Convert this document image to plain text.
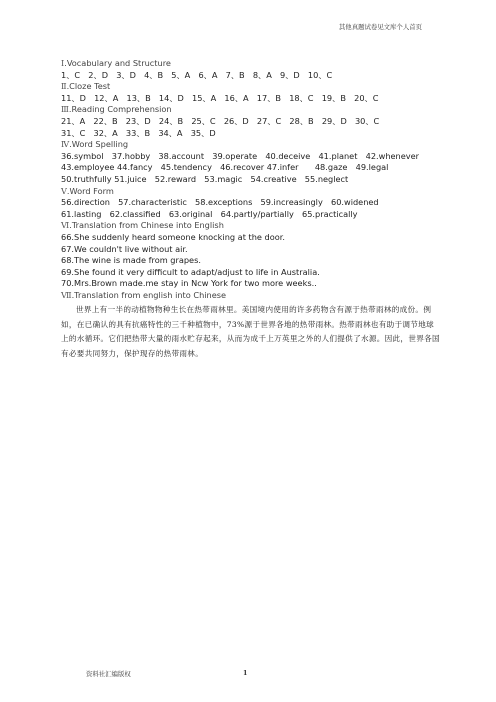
其他真题试卷见文库个人首页
Ⅰ.Vocabulary and Structure
1、C　2、D　3、D　4、B　5、A　6、A　7、B　8、A　9、D　10、C
Ⅱ.Cloze Test
11、D　12、A　13、B　14、D　15、A　16、A　17、B　18、C　19、B　20、C
Ⅲ.Reading Comprehension
21、A　22、B　23、D　24、B　25、C　26、D　27、C　28、B　29、D　30、C
31、C　32、A　33、B　34、A　35、D
Ⅳ.Word Spelling
36.symbol　37.hobby　38.account　39.operate　40.deceive　41.planet　42.whenever
43.employee 44.fancy　45.tendency　46.recover 47.infer　　48.gaze　49.legal
50.truthfully 51.juice　52.reward　53.magic　54.creative　55.neglect
Ⅴ.Word Form
56.direction　57.characteristic　58.exceptions　59.increasingly　60.widened
61.lasting　62.classified　63.original　64.partly/partially　65.practically
Ⅵ.Translation from Chinese into English
66.She suddenly heard someone knocking at the door.
67.We couldn't live without air.
68.The wine is made from grapes.
69.She found it very difficult to adapt/adjust to life in Australia.
70.Mrs.Brown made.me stay in Ncw York for two more weeks..
Ⅶ.Translation from english into Chinese
世界上有一半的动植物物种生长在热带雨林里。美国境内使用的许多药物含有源于热带雨林的成份。例如，在已确认的具有抗癌特性的三千种植物中，73%源于世界各地的热带雨林。热带雨林也有助于调节地球上的水循环。它们把热带大量的雨水贮存起来，从而为成千上万英里之外的人们提供了水源。因此，世界各国有必要共同努力，保护现存的热带雨林。
资料社汇编版权	1
